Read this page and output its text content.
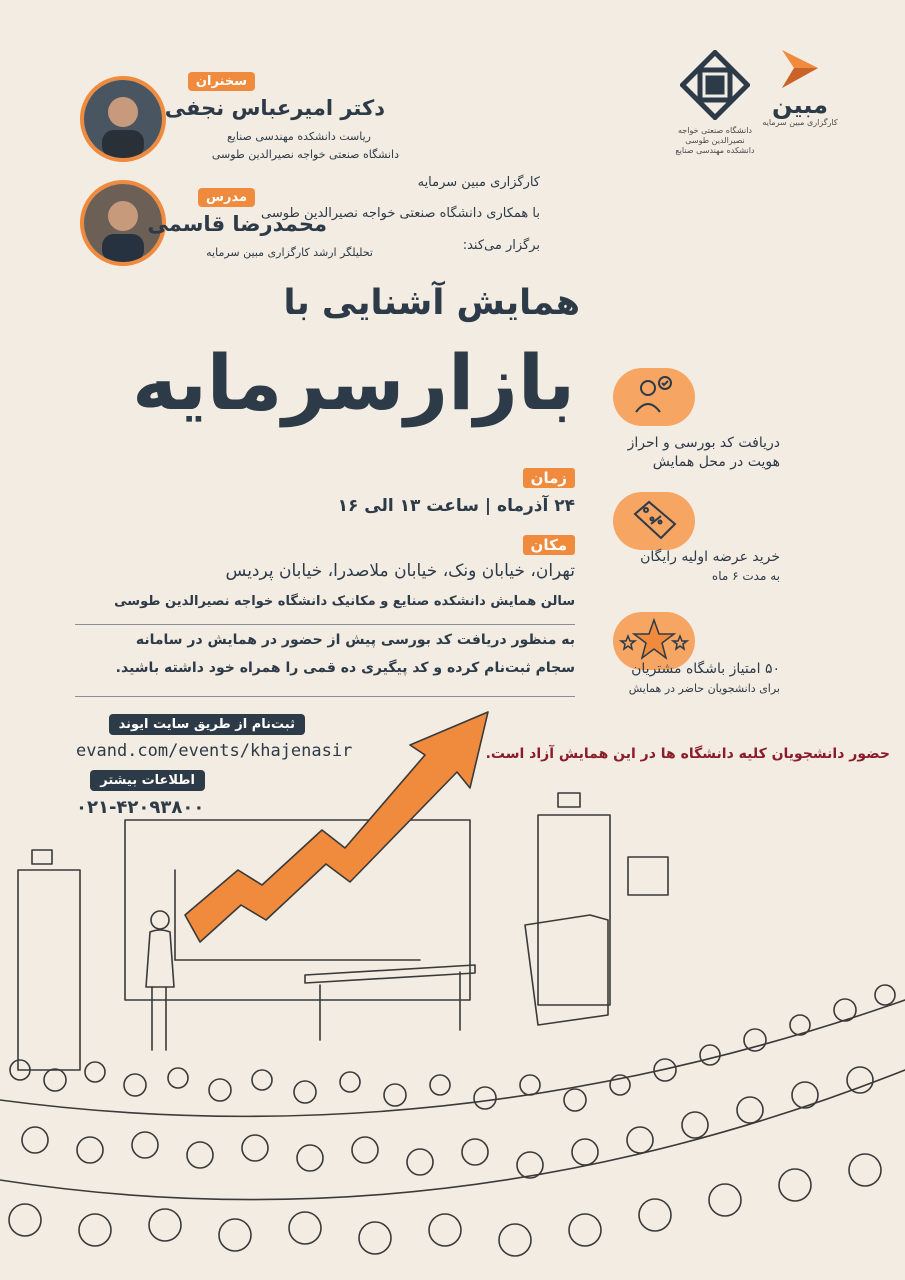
دانشگاه صنعتی خواجه نصیرالدین طوسی
دانشکده مهندسی صنایع
مبین
کارگزاری مبین سرمایه
سخنران
دکتر امیرعباس نجفی
ریاست دانشکده مهندسی صنایع
دانشگاه صنعتی خواجه نصیرالدین طوسی
مدرس
محمدرضا قاسمی
تحلیلگر ارشد کارگزاری مبین سرمایه
کارگزاری مبین سرمایه
با همکاری دانشگاه صنعتی خواجه نصیرالدین طوسی
برگزار می‌کند:
همایش آشنایی با
بازارسرمایه
زمان
۲۴ آذرماه | ساعت ۱۳ الی ۱۶
مکان
تهران، خیابان ونک، خیابان ملاصدرا، خیابان پردیس
سالن همایش دانشکده صنایع و مکانیک دانشگاه خواجه نصیرالدین طوسی
به منظور دریافت کد بورسی پیش از حضور در همایش در سامانه
سجام ثبت‌نام کرده و کد پیگیری ده قمی را همراه خود داشته باشید.
دریافت کد بورسی و احراز
هویت در محل همایش
خرید عرضه اولیه رایگان
به مدت ۶ ماه
۵۰ امتیاز باشگاه مشتریان
برای دانشجویان حاضر در همایش
ثبت‌نام از طریق سایت ایوند
evand.com/events/khajenasir
اطلاعات بیشتر
۰۲۱-۴۲۰۹۳۸۰۰
حضور دانشجویان کلیه دانشگاه ها در این همایش آزاد است.
